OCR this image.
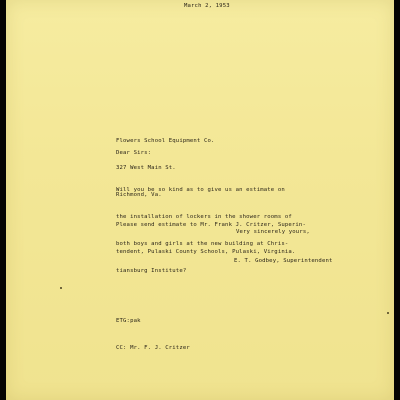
March 2, 1953

Flowers School Equipment Co.

327 West Main St.

Richmond, Va.

Dear Sirs:

Will you be so kind as to give us an estimate on

the installation of lockers in the shower rooms of

both boys and girls at the new building at Chris-

tiansburg Institute?

Please send estimate to Mr. Frank J. Critzer, Superin-

tendent, Pulaski County Schools, Pulaski, Virginia.

Very sincerely yours,
E. T. Godbey, Superintendent

ETG:pak

CC: Mr. F. J. Critzer
